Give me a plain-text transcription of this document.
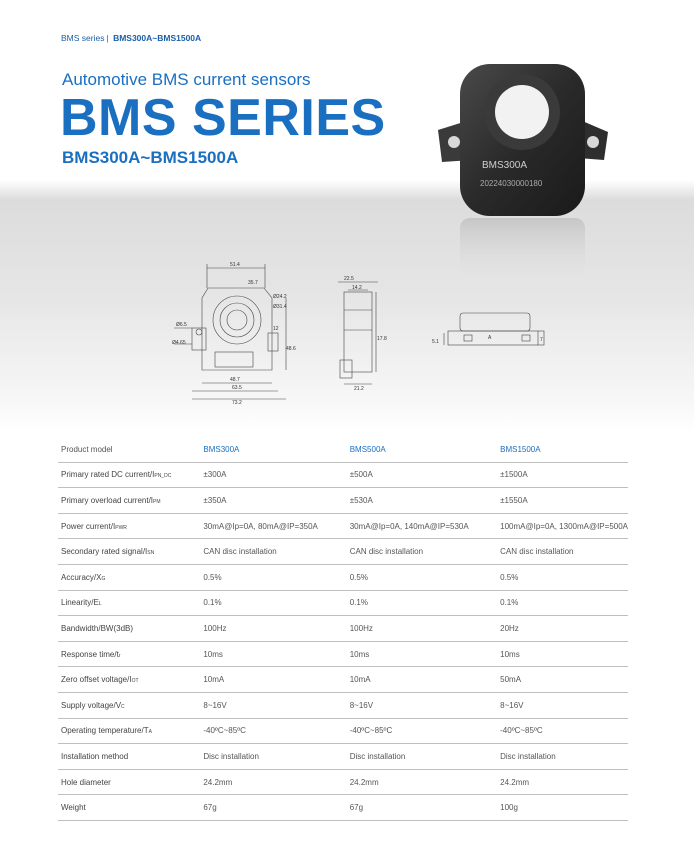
BMS series | BMS300A~BMS1500A
Automotive BMS current sensors
BMS SERIES
BMS300A~BMS1500A	BMS300A
20224030000180
51.4
35.7
Ø24.2
Ø31.4
Ø6.5
Ø4.65
12
48.6
48.7
63.5
73.2
22.5
14.2
17.8
21.2
5.1
A	7
Product model	BMS300A	BMS500A	BMS1500A
Primary rated DC current/IPN_DC	±300A	±500A	±1500A
Primary overload current/IPM	±350A	±530A	±1550A
Power current/IPWR	30mA@Ip=0A, 80mA@IP=350A	30mA@Ip=0A, 140mA@IP=530A	100mA@Ip=0A, 1300mA@IP=500A
Secondary rated signal/ISN	CAN disc installation	CAN disc installation	CAN disc installation
Accuracy/XG	0.5%	0.5%	0.5%
Linearity/EL	0.1%	0.1%	0.1%
Bandwidth/BW(3dB)	100Hz	100Hz	20Hz
Response time/tr	10ms	10ms	10ms
Zero offset voltage/IOT	10mA	10mA	50mA
Supply voltage/VC	8~16V	8~16V	8~16V
Operating temperature/TA	-40ºC~85ºC	-40ºC~85ºC	-40ºC~85ºC
Installation method	Disc installation	Disc installation	Disc installation
Hole diameter	24.2mm	24.2mm	24.2mm
Weight	67g	67g	100g
